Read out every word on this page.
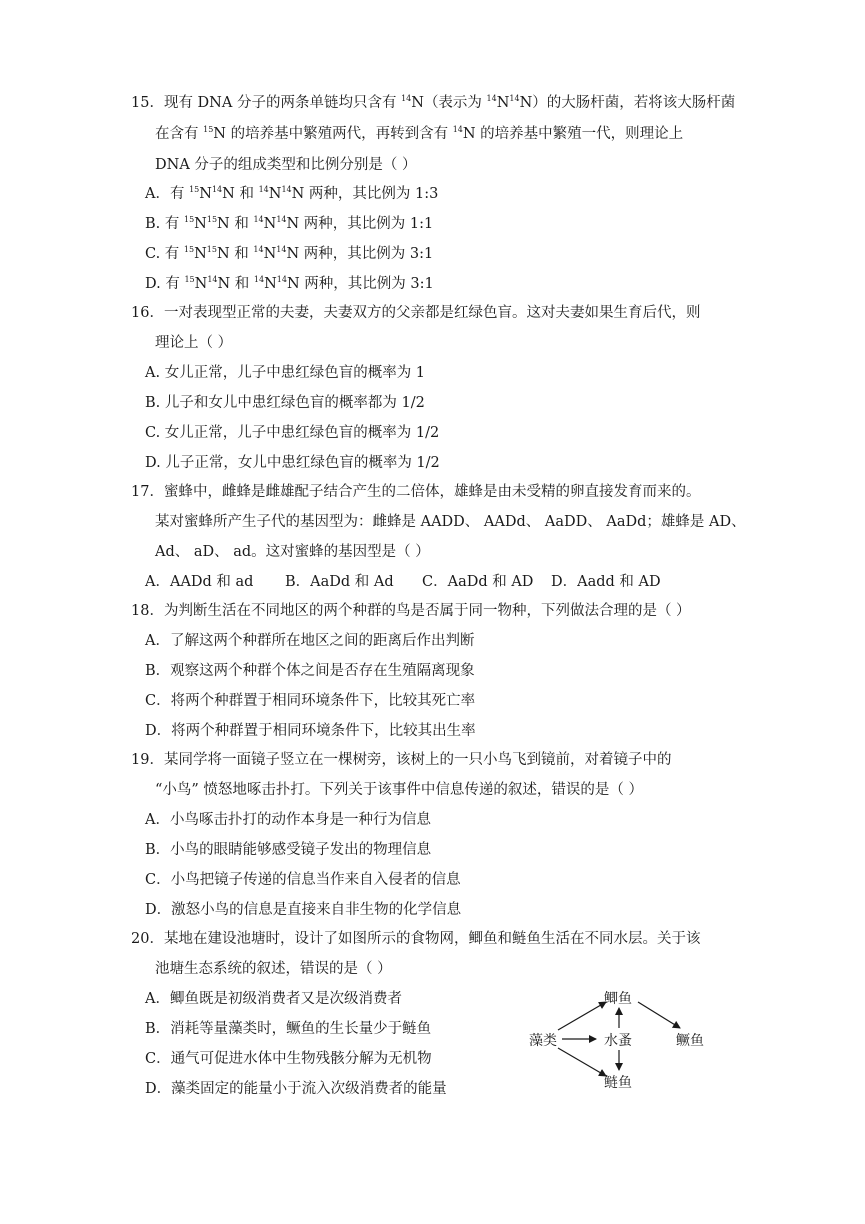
15．现有 DNA 分子的两条单链均只含有 $^{14}$N（表示为 $^{14}N^{14}N$）的大肠杆菌，若将该大肠杆菌
在含有 $^{15}$N 的培养基中繁殖两代，再转到含有 $^{14}$N 的培养基中繁殖一代，则理论上
DNA 分子的组成类型和比例分别是（ ）
A．有 $^{15}N^{14}N$ 和 $^{14}N^{14}N$ 两种，其比例为 1:3
B. 有 $^{15}N^{15}N$ 和 $^{14}N^{14}N$ 两种，其比例为 1:1
C. 有 $^{15}N^{15}N$ 和 $^{14}N^{14}N$ 两种，其比例为 3:1
D. 有 $^{15}N^{14}N$ 和 $^{14}N^{14}N$ 两种，其比例为 3:1
16．一对表现型正常的夫妻，夫妻双方的父亲都是红绿色盲。这对夫妻如果生育后代，则
理论上（ ）
A. 女儿正常，儿子中患红绿色盲的概率为 1
B. 儿子和女儿中患红绿色盲的概率都为 1/2
C. 女儿正常，儿子中患红绿色盲的概率为 1/2
D. 儿子正常，女儿中患红绿色盲的概率为 1/2
17．蜜蜂中，雌蜂是雌雄配子结合产生的二倍体，雄蜂是由未受精的卵直接发育而来的。
某对蜜蜂所产生子代的基因型为：雌蜂是 AADD、 AADd、 AaDD、 AaDd；雄蜂是 AD、
Ad、 aD、 ad。这对蜜蜂的基因型是（ ）
A．AADd 和 ad B．AaDd 和 Ad C．AaDd 和 AD D．Aadd 和 AD
18．为判断生活在不同地区的两个种群的鸟是否属于同一物种，下列做法合理的是（ ）
A．了解这两个种群所在地区之间的距离后作出判断
B．观察这两个种群个体之间是否存在生殖隔离现象
C．将两个种群置于相同环境条件下，比较其死亡率
D．将两个种群置于相同环境条件下，比较其出生率
19．某同学将一面镜子竖立在一棵树旁，该树上的一只小鸟飞到镜前，对着镜子中的
“小鸟” 愤怒地啄击扑打。下列关于该事件中信息传递的叙述，错误的是（ ）
A．小鸟啄击扑打的动作本身是一种行为信息
B．小鸟的眼睛能够感受镜子发出的物理信息
C．小鸟把镜子传递的信息当作来自入侵者的信息
D．激怒小鸟的信息是直接来自非生物的化学信息
20．某地在建设池塘时，设计了如图所示的食物网，鲫鱼和鲢鱼生活在不同水层。关于该
池塘生态系统的叙述，错误的是（ ）
A．鲫鱼既是初级消费者又是次级消费者
B．消耗等量藻类时，鳜鱼的生长量少于鲢鱼
C．通气可促进水体中生物残骸分解为无机物
D．藻类固定的能量小于流入次级消费者的能量
藻类
鲫鱼
水蚤
鲢鱼
鳜鱼
